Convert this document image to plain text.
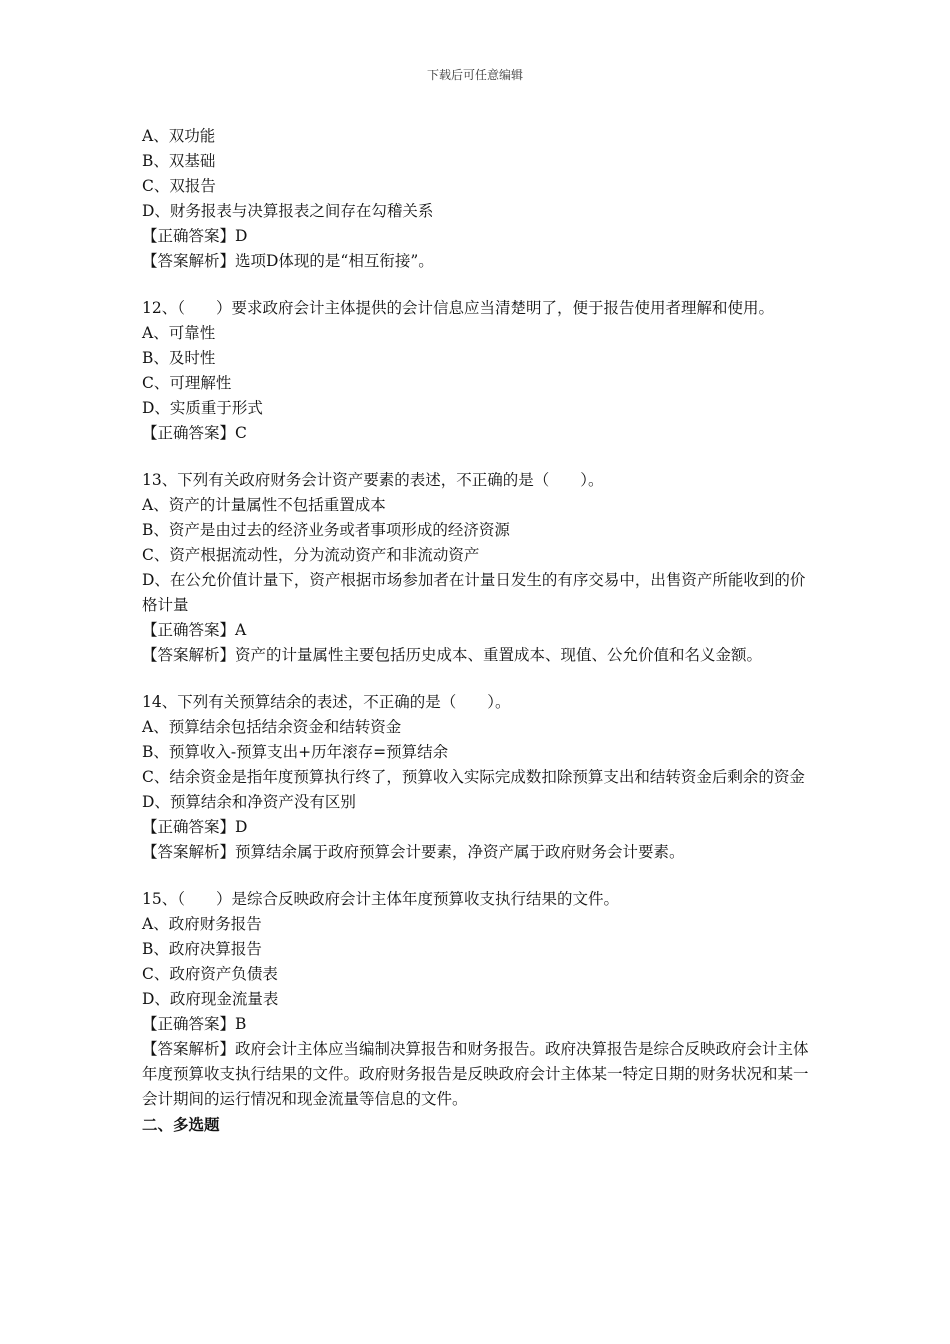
下载后可任意编辑

A、双功能

B、双基础

C、双报告

D、财务报表与决算报表之间存在勾稽关系

【正确答案】D

【答案解析】选项D体现的是“相互衔接”。

12、（　　）要求政府会计主体提供的会计信息应当清楚明了，便于报告使用者理解和使用。

A、可靠性

B、及时性

C、可理解性

D、实质重于形式

【正确答案】C

13、下列有关政府财务会计资产要素的表述，不正确的是（　　）。

A、资产的计量属性不包括重置成本

B、资产是由过去的经济业务或者事项形成的经济资源

C、资产根据流动性，分为流动资产和非流动资产

D、在公允价值计量下，资产根据市场参加者在计量日发生的有序交易中，出售资产所能收到的价格计量

【正确答案】A

【答案解析】资产的计量属性主要包括历史成本、重置成本、现值、公允价值和名义金额。

14、下列有关预算结余的表述，不正确的是（　　）。

A、预算结余包括结余资金和结转资金

B、预算收入-预算支出+历年滚存=预算结余

C、结余资金是指年度预算执行终了，预算收入实际完成数扣除预算支出和结转资金后剩余的资金

D、预算结余和净资产没有区别

【正确答案】D

【答案解析】预算结余属于政府预算会计要素，净资产属于政府财务会计要素。

15、（　　）是综合反映政府会计主体年度预算收支执行结果的文件。

A、政府财务报告

B、政府决算报告

C、政府资产负债表

D、政府现金流量表

【正确答案】B

【答案解析】政府会计主体应当编制决算报告和财务报告。政府决算报告是综合反映政府会计主体年度预算收支执行结果的文件。政府财务报告是反映政府会计主体某一特定日期的财务状况和某一会计期间的运行情况和现金流量等信息的文件。

二、多选题
